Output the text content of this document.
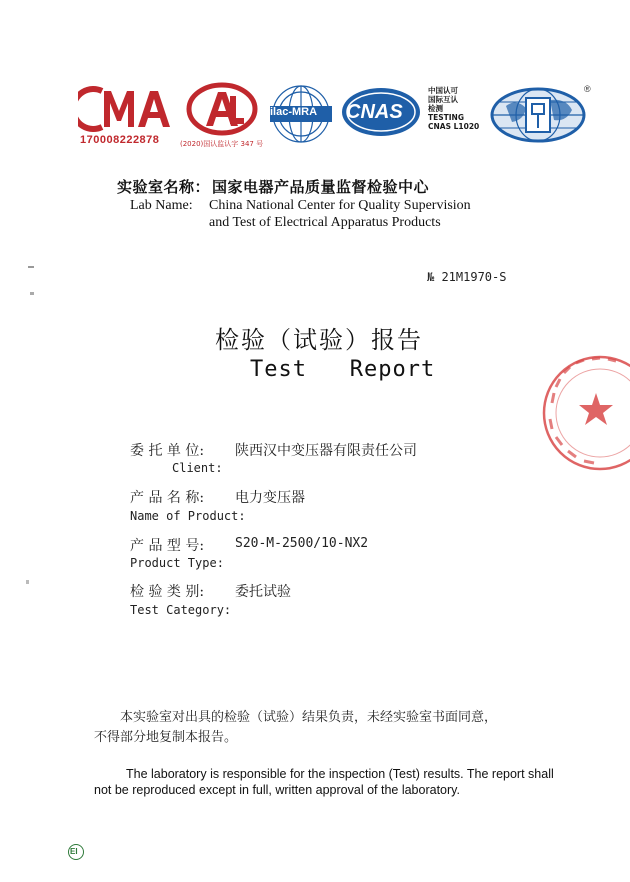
170008222878	(2020)国认监认字 347 号
ilac-MRA CNAS
中国认可
国际互认
检测
TESTING
CNAS L1020
®
实验室名称： 国家电器产品质量监督检验中心
Lab Name: China National Center for Quality Supervision
and Test of Electrical Apparatus Products
№ 21M1970-S
检验（试验）报告
Test   Report
委 托 单 位: 陕西汉中变压器有限责任公司
Client:
产 品 名 称: 电力变压器
Name of Product:
产 品 型 号: S20-M-2500/10-NX2
Product Type:
检 验 类 别: 委托试验
Test Category:
本实验室对出具的检验（试验）结果负责，未经实验室书面同意，
不得部分地复制本报告。
The laboratory is responsible for the inspection (Test) results. The report shall
not be reproduced except in full, written approval of the laboratory.
EI
